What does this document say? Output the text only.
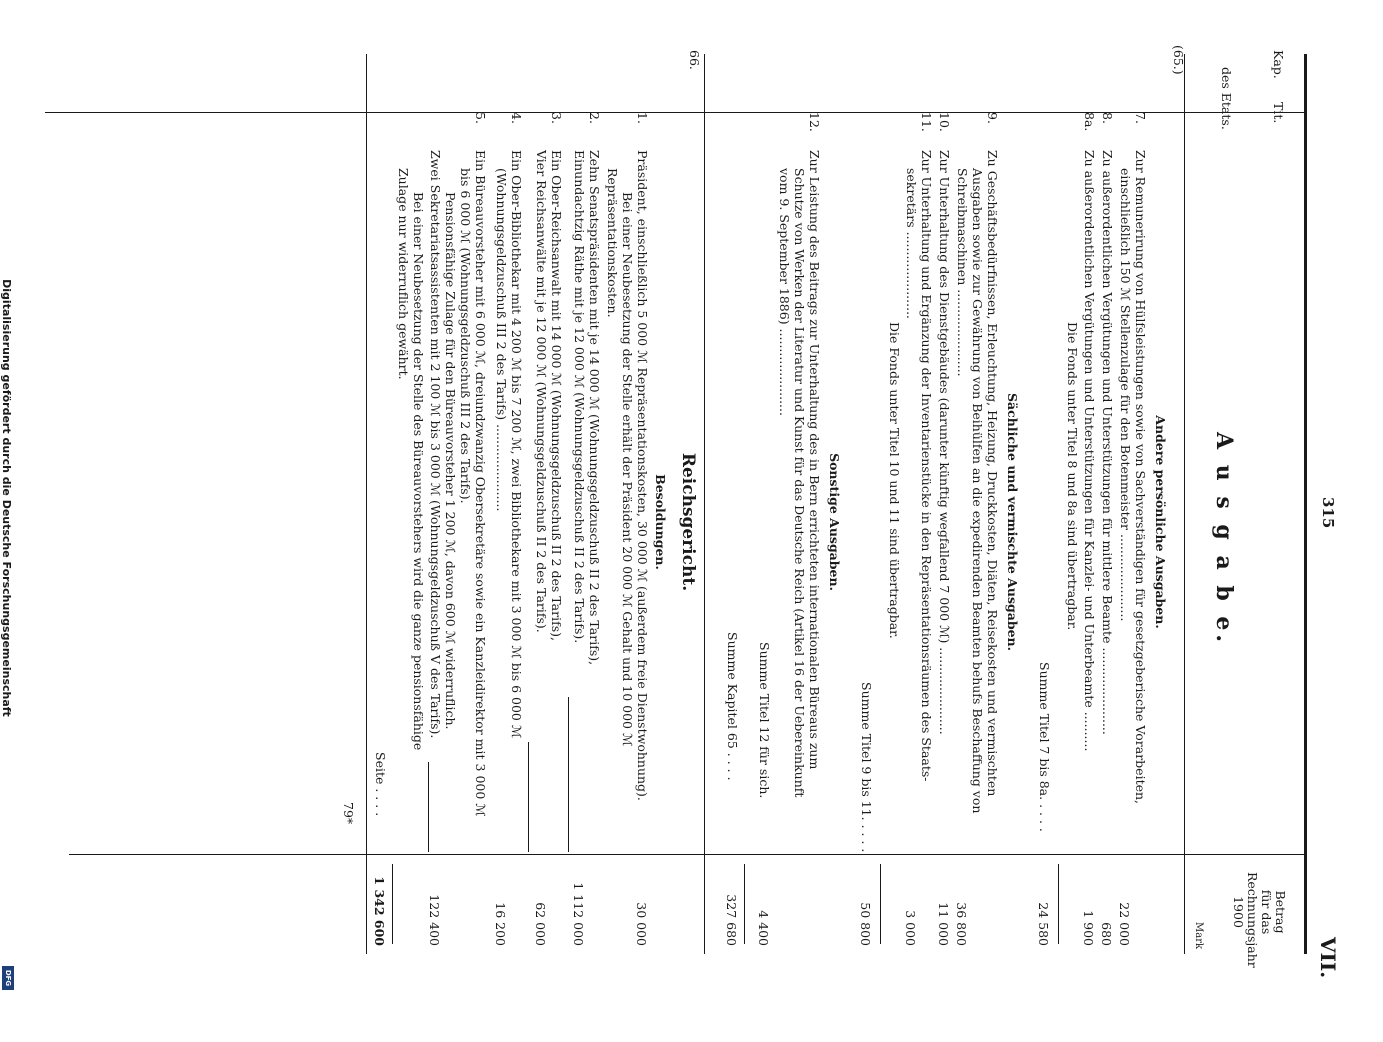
Digitalisierung gefördert durch die Deutsche Forschungsgemeinschaft
DFG	VII.
315
Kap.
Tit.
des Etats.
A u s g a b e.
Betrag
für das
Rechnungsjahr
1900
Mark
(65.)
Andere persönliche Ausgaben.
7.
Zur Remunerirung von Hülfsleistungen sowie von Sachverständigen für gesetzgeberische Vorarbeiten,
einschließlich 150 ℳ Stellenzulage für den Botenmeister ......................
22 000
8.
Zu außerordentlichen Vergütungen und Unterstützungen für mittlere Beamte ......................
680
8a.
Zu außerordentlichen Vergütungen und Unterstützungen für Kanzlei- und Unterbeamte ..........
1 900
Die Fonds unter Titel 8 und 8a sind übertragbar.
Summe Titel 7 bis 8a. . . . .
24 580
Sächliche und vermischte Ausgaben.
9.
Zu Geschäftsbedürfnissen, Erleuchtung, Heizung, Druckkosten, Diäten, Reisekosten und vermischten
Ausgaben sowie zur Gewährung von Beihülfen an die expedirenden Beamten behufs Beschaffung von
Schreibmaschinen ......................
36 800
10.
Zur Unterhaltung des Dienstgebäudes (darunter künftig wegfallend 7 000 ℳ) ......................
11 000
11.
Zur Unterhaltung und Ergänzung der Inventarienstücke in den Repräsentationsräumen des Staats-
sekretärs ......................
3 000
Die Fonds unter Titel 10 und 11 sind übertragbar.
Summe Titel 9 bis 11. . . . .
50 800
Sonstige Ausgaben.
12.
Zur Leistung des Beitrags zur Unterhaltung des in Bern errichteten internationalen Büreaus zum
Schutze von Werken der Literatur und Kunst für das Deutsche Reich (Artikel 16 der Uebereinkunft
vom 9. September 1886) ......................
Summe Titel 12 für sich.
4 400
Summe Kapitel 65 . . . .
327 680
66.
Reichsgericht.
Besoldungen.
1.
Präsident, einschließlich 5 000 ℳ Repräsentationskosten, 30 000 ℳ (außerdem freie Dienstwohnung).
Bei einer Neubesetzung der Stelle erhält der Präsident 20 000 ℳ Gehalt und 10 000 ℳ
Repräsentationskosten.
30 000
2.
Zehn Senatspräsidenten mit je 14 000 ℳ (Wohnungsgeldzuschuß II 2 des Tarifs),
Einundachtzig Räthe mit je 12 000 ℳ (Wohnungsgeldzuschuß II 2 des Tarifs).
1 112 000
3.
Ein Ober-Reichsanwalt mit 14 000 ℳ (Wohnungsgeldzuschuß II 2 des Tarifs),
Vier Reichsanwälte mit je 12 000 ℳ (Wohnungsgeldzuschuß II 2 des Tarifs).
62 000
4.
Ein Ober-Bibliothekar mit 4 200 ℳ bis 7 200 ℳ, zwei Bibliothekare mit 3 000 ℳ bis 6 000 ℳ
(Wohnungsgeldzuschuß III 2 des Tarifs) ......................
16 200
5.
Ein Büreauvorsteher mit 6 000 ℳ, dreiundzwanzig Obersekretäre sowie ein Kanzleidirektor mit 3 000 ℳ
bis 6 000 ℳ (Wohnungsgeldzuschuß III 2 des Tarifs).
Pensionsfähige Zulage für den Büreauvorsteher 1 200 ℳ, davon 600 ℳ widerruflich.
Zwei Sekretariatsassistenten mit 2 100 ℳ bis 3 000 ℳ (Wohnungsgeldzuschuß V des Tarifs).
Bei einer Neubesetzung der Stelle des Büreauvorstehers wird die ganze pensionsfähige
Zulage nur widerruflich gewährt.
122 400
Seite . . . .
1 342 600
79*
